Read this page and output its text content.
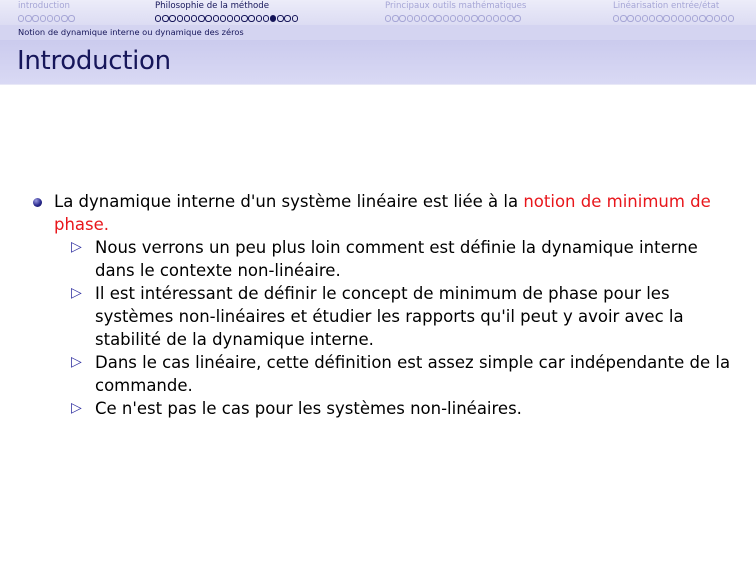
introduction	Philosophie de la méthode	Principaux outils mathématiques	Linéarisation entrée/état
Notion de dynamique interne ou dynamique des zéros
Introduction
La dynamique interne d'un système linéaire est liée à la notion de minimum de phase.
▷ Nous verrons un peu plus loin comment est définie la dynamique interne dans le contexte non-linéaire.
▷ Il est intéressant de définir le concept de minimum de phase pour les systèmes non-linéaires et étudier les rapports qu'il peut y avoir avec la stabilité de la dynamique interne.
▷ Dans le cas linéaire, cette définition est assez simple car indépendante de la commande.
▷ Ce n'est pas le cas pour les systèmes non-linéaires.
